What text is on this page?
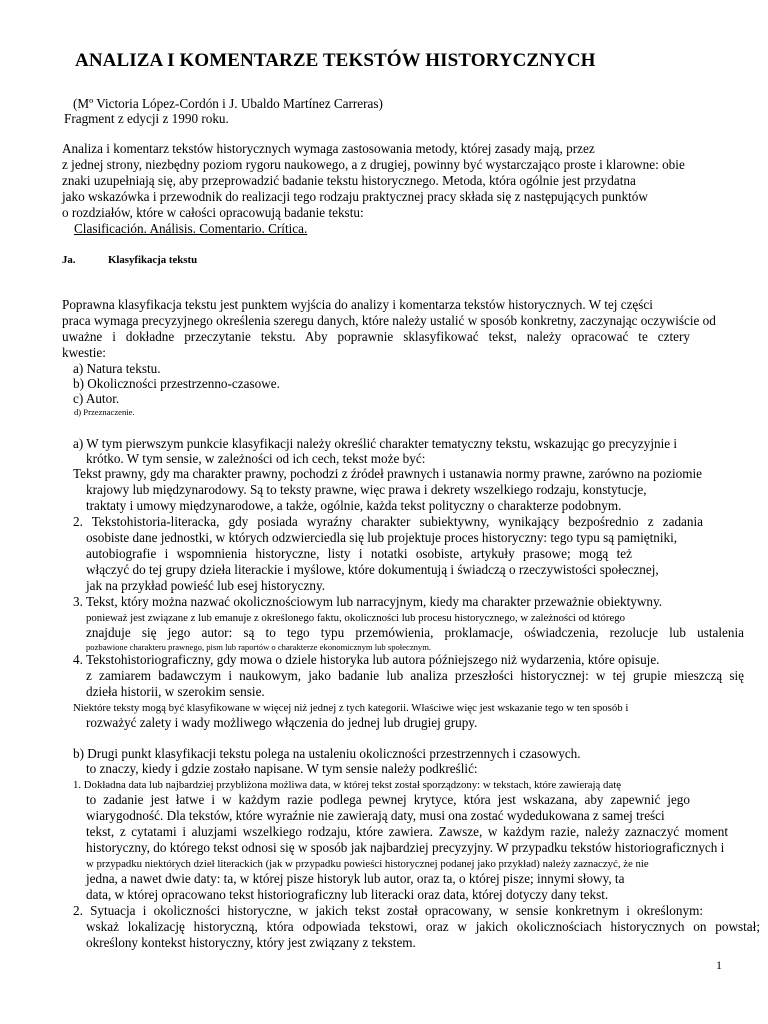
ANALIZA I KOMENTARZE TEKSTÓW HISTORYCZNYCH
(Mº Victoria López-Cordón i J. Ubaldo Martínez Carreras)
Fragment z edycji z 1990 roku.
Analiza i komentarz tekstów historycznych wymaga zastosowania metody, której zasady mają, przez
z jednej strony, niezbędny poziom rygoru naukowego, a z drugiej, powinny być wystarczająco proste i klarowne: obie
znaki uzupełniają się, aby przeprowadzić badanie tekstu historycznego. Metoda, która ogólnie jest przydatna
jako wskazówka i przewodnik do realizacji tego rodzaju praktycznej pracy składa się z następujących punktów
o rozdziałów, które w całości opracowują badanie tekstu:
Clasificación. Análisis. Comentario. Crítica.
Ja.	Klasyfikacja tekstu
Poprawna klasyfikacja tekstu jest punktem wyjścia do analizy i komentarza tekstów historycznych. W tej części
praca wymaga precyzyjnego określenia szeregu danych, które należy ustalić w sposób konkretny, zaczynając oczywiście od
uważne i dokładne przeczytanie tekstu. Aby poprawnie sklasyfikować tekst, należy opracować te cztery
kwestie:
a) Natura tekstu.
b) Okoliczności przestrzenno-czasowe.
c) Autor.
d) Przeznaczenie.
a) W tym pierwszym punkcie klasyfikacji należy określić charakter tematyczny tekstu, wskazując go precyzyjnie i
krótko. W tym sensie, w zależności od ich cech, tekst może być:
Tekst prawny, gdy ma charakter prawny, pochodzi z źródeł prawnych i ustanawia normy prawne, zarówno na poziomie
krajowy lub międzynarodowy. Są to teksty prawne, więc prawa i dekrety wszelkiego rodzaju, konstytucje,
traktaty i umowy międzynarodowe, a także, ogólnie, każda tekst polityczny o charakterze podobnym.
2. Tekstohistoria-literacka, gdy posiada wyraźny charakter subiektywny, wynikający bezpośrednio z zadania
osobiste dane jednostki, w których odzwierciedla się lub projektuje proces historyczny: tego typu są pamiętniki,
autobiografie i wspomnienia historyczne, listy i notatki osobiste, artykuły prasowe; mogą też
włączyć do tej grupy dzieła literackie i myślowe, które dokumentują i świadczą o rzeczywistości społecznej,
jak na przykład powieść lub esej historyczny.
3. Tekst, który można nazwać okolicznościowym lub narracyjnym, kiedy ma charakter przeważnie obiektywny.
ponieważ jest związane z lub emanuje z określonego faktu, okoliczności lub procesu historycznego, w zależności od którego
znajduje się jego autor: są to tego typu przemówienia, proklamacje, oświadczenia, rezolucje lub ustalenia
pozbawione charakteru prawnego, pism lub raportów o charakterze ekonomicznym lub społecznym.
4. Tekstohistoriograficzny, gdy mowa o dziele historyka lub autora późniejszego niż wydarzenia, które opisuje.
z zamiarem badawczym i naukowym, jako badanie lub analiza przeszłości historycznej: w tej grupie mieszczą się
dzieła historii, w szerokim sensie.
Niektóre teksty mogą być klasyfikowane w więcej niż jednej z tych kategorii. Właściwe więc jest wskazanie tego w ten sposób i
rozważyć zalety i wady możliwego włączenia do jednej lub drugiej grupy.
b) Drugi punkt klasyfikacji tekstu polega na ustaleniu okoliczności przestrzennych i czasowych.
to znaczy, kiedy i gdzie zostało napisane. W tym sensie należy podkreślić:
1. Dokładna data lub najbardziej przybliżona możliwa data, w której tekst został sporządzony: w tekstach, które zawierają datę
to zadanie jest łatwe i w każdym razie podlega pewnej krytyce, która jest wskazana, aby zapewnić jego
wiarygodność. Dla tekstów, które wyraźnie nie zawierają daty, musi ona zostać wydedukowana z samej treści
tekst, z cytatami i aluzjami wszelkiego rodzaju, które zawiera. Zawsze, w każdym razie, należy zaznaczyć moment
historyczny, do którego tekst odnosi się w sposób jak najbardziej precyzyjny. W przypadku tekstów historiograficznych i
w przypadku niektórych dzieł literackich (jak w przypadku powieści historycznej podanej jako przykład) należy zaznaczyć, że nie
jedna, a nawet dwie daty: ta, w której pisze historyk lub autor, oraz ta, o której pisze; innymi słowy, ta
data, w której opracowano tekst historiograficzny lub literacki oraz data, której dotyczy dany tekst.
2. Sytuacja i okoliczności historyczne, w jakich tekst został opracowany, w sensie konkretnym i określonym:
wskaż lokalizację historyczną, która odpowiada tekstowi, oraz w jakich okolicznościach historycznych on powstał;
określony kontekst historyczny, który jest związany z tekstem.
1
